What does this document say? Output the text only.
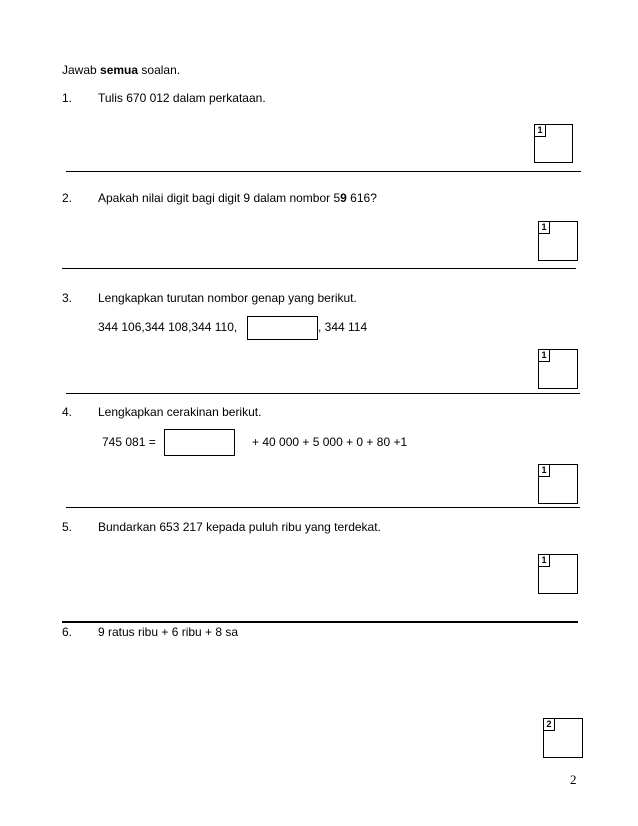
Jawab semua soalan.
1. Tulis 670 012 dalam perkataan.
1
2. Apakah nilai digit bagi digit 9 dalam nombor 59 616?
1
3. Lengkapkan turutan nombor genap yang berikut.
344 106,344 108,344 110,	, 344 114
1
4. Lengkapkan cerakinan berikut.
745 081 =	+ 40 000 + 5 000 + 0 + 80 +1
1
5. Bundarkan 653 217 kepada puluh ribu yang terdekat.
1
6. 9 ratus ribu + 6 ribu + 8 sa
2
2
